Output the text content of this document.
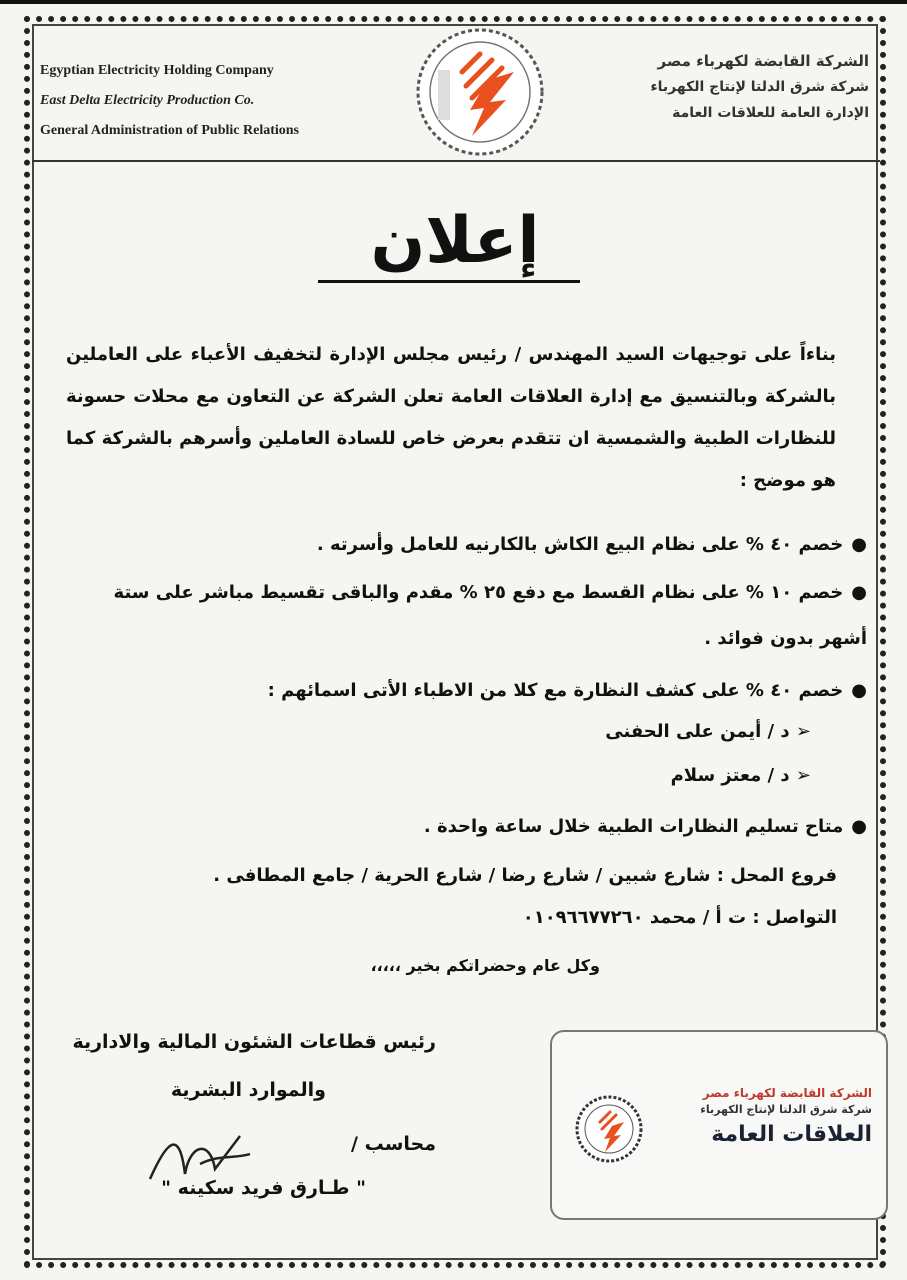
Egyptian Electricity Holding Company
East Delta Electricity Production Co.
General Administration of Public Relations
الشركة القابضة لكهرباء مصر
شركة شرق الدلتا لإنتاج الكهرباء
الإدارة العامة للعلاقات العامة
إعلان
بناءاً على توجيهات السيد المهندس / رئيس مجلس الإدارة لتخفيف الأعباء على العاملين بالشركة وبالتنسيق مع إدارة العلاقات العامة تعلن الشركة عن التعاون مع محلات حسونة للنظارات الطبية والشمسية ان تتقدم بعرض خاص للسادة العاملين وأسرهم بالشركة كما هو موضح :
●خصم ٤٠ % على نظام البيع الكاش بالكارنيه للعامل وأسرته .
●خصم ١٠ % على نظام القسط مع دفع ٢٥ % مقدم والباقى تقسيط مباشر على ستة أشهر بدون فوائد .
●خصم ٤٠ % على كشف النظارة مع كلا من الاطباء الأتى اسمائهم :
➢ د / أيمن على الحفنى
➢ د / معتز سلام
●متاح تسليم النظارات الطبية خلال ساعة واحدة .
فروع المحل : شارع شبين / شارع رضا / شارع الحرية / جامع المطافى .
التواصل : ت أ / محمد ٠١٠٩٦٦٧٧٢٦٠
وكل عام وحضراتكم بخير ،،،،،
رئيس قطاعات الشئون المالية والادارية
والموارد البشرية
محاسب /
" طـارق فريد سكينه "
الشركة القابضة لكهرباء مصر
شركة شرق الدلتا لإنتاج الكهرباء
العلاقات العامة
